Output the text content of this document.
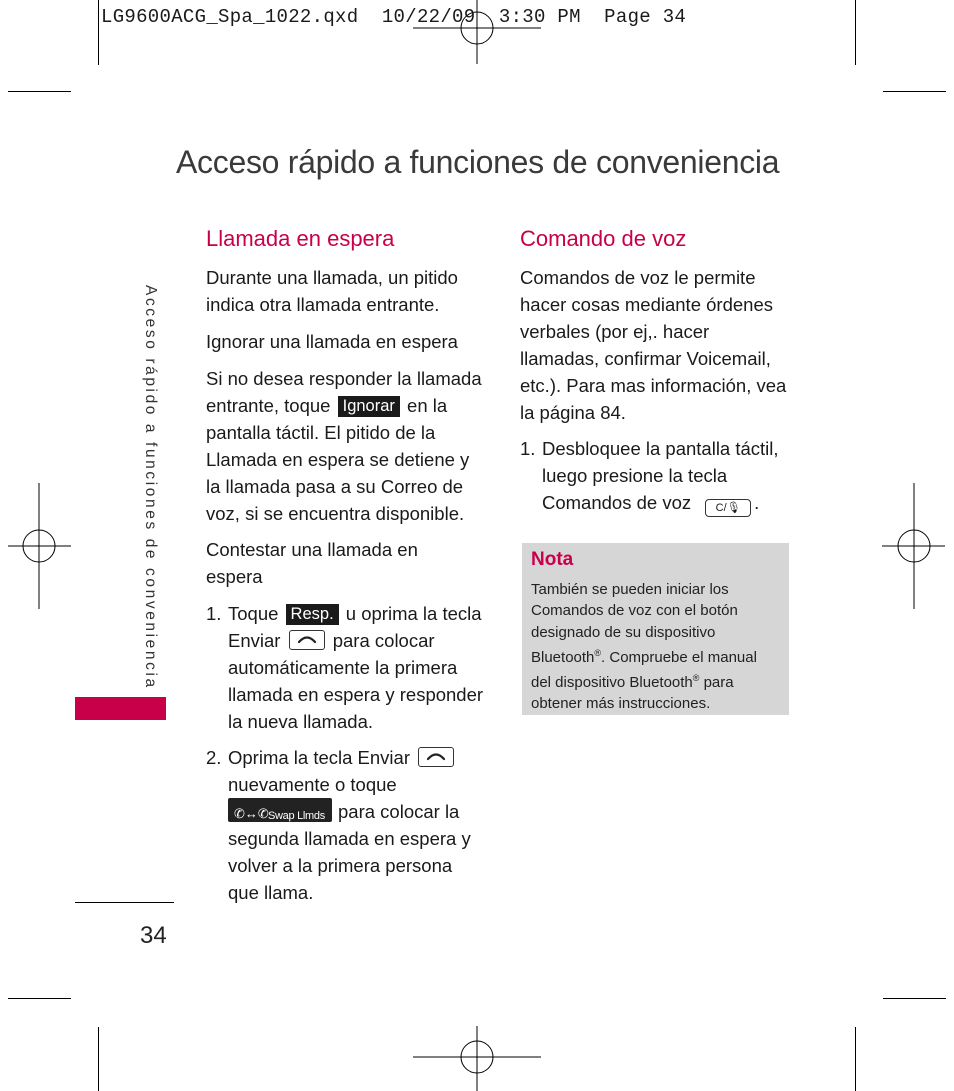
LG9600ACG_Spa_1022.qxd  10/22/09  3:30 PM  Page 34
Acceso rápido a funciones de conveniencia
Acceso rápido a funciones de conveniencia
34
Llamada en espera
Durante una llamada, un pitido indica otra llamada entrante.
Ignorar una llamada en espera
Si no desea responder la llamada entrante, toque Ignorar en la pantalla táctil. El pitido de la Llamada en espera se detiene y la llamada pasa a su Correo de voz, si se encuentra disponible.
Contestar una llamada en espera
1. Toque Resp. u oprima la tecla Enviar	para colocar automáticamente la primera llamada en espera y responder la nueva llamada.
2. Oprima la tecla Enviar
nuevamente o toque

✆↔✆ Swap Llmds para colocar la segunda llamada en espera y volver a la primera persona que llama.
Comando de voz
Comandos de voz le permite hacer cosas mediante órdenes verbales (por ej,. hacer llamadas, confirmar Voicemail, etc.). Para mas información, vea la página 84.
1. Desbloquee la pantalla táctil, luego presione la tecla Comandos de voz C/🎙 .
Nota
También se pueden iniciar los Comandos de voz con el botón designado de su dispositivo Bluetooth®. Compruebe el manual del dispositivo Bluetooth® para obtener más instrucciones.
